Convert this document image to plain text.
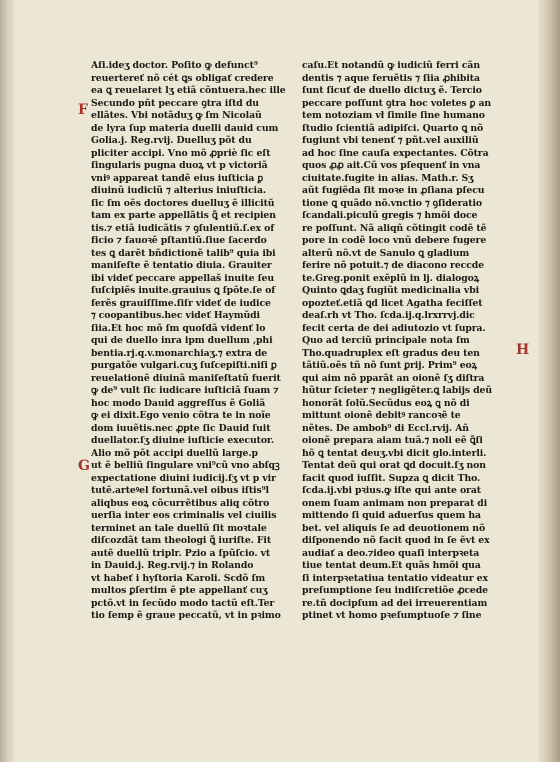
F
G
H
Aſi.ideʒ doctor. Poſito ꝙ defunct⁹
reuertereť nõ cét ꝗs obligať credere
ea ꝗ reuelaret lʒ etiã cõntuera.hec ille
Secundo pñt peccare ꝯtra iſtd du
ellãtes. Vbi notãduʒ ꝙ ſm Nicolaũ
de lyra ſup materia duelli dauid cum
Golia.j. Reg.rvij. Duelluʒ põt du
pliciter accipi. Vno mõ ꝓpriè ſic eſt
ſingularis pugna duoꝝ vt p victoriã
vniꝰ appareat tandẽ eius iuſticia ꝑ
diuinũ iudiciũ ⁊ alterius iniuſticia.
ſic ſm oẽs doctores duelluʒ ẽ illicitũ
tam ex parte appellãtis ꝗ̃ et recipien
tis.⁊ etiã iudicãtis ⁊ ꝯſulentiũ.ſ.ex of
ficio ⁊ fauoꝛẽ pſtantiũ.ſiue ſacerdo
tes ꝗ darẽt bñdictionẽ talib⁹ quia ibi
maniſeſte ẽ tentatio diuia. Grauiter
ibi videť peccare appellaš inuite ſeu
ſuſcipiẽs inuite.grauius ꝗ ſpõte.ſe of
ferẽs grauiſſime.ſiſr videť de iudice
⁊ coopantibus.hec videť Haymũdi
ſiia.Et hoc mõ ſm quoſdã videnť lo
qui de duello inra ipm duellum ,phi
bentia.rj.q.v.monarchiaʒ.⁊ extra de
purgatõe vulgari.cuʒ ſuſcepiſti.niſi ꝑ
reuelationẽ diuinã maniſeſtatũ fuerit
ꝙ de⁹ vult ſic iudicare iuſticiã ſuam ⁊
hoc modo Dauid aggreſſus ẽ Goliã
ꝙ ei dixit.Ego venio cõtra te in noĩe
dom iuuẽtis.nec ꝓpte ſic Dauid ſuit
duellator.ſʒ diuine iuſticie executor.
Alio mõ põt accipi duellũ large.p
ut ẽ belliũ ſingulare vni⁹cũ vno abſqꝫ
expectatione diuini iudicij.ſʒ vt p vir
tutẽ.arteꝰel fortunã.vel oibus iſtis⁹l
aliqbus eoꝝ cõcurrẽtibus aliq cõtro
uerſia inter eos criminalis vel ciuilis
terminet an tale duellũ ſit moꝛtale
diſcozdãt tam theologi ꝗ̃ iuriſte. Fit
autẽ duellũ triplr. Pzio a ſpũſcio. vt
in Dauid.j. Reg.rvij.⁊ in Rolando
vt habeť i hyſtoria Karoli. Scdõ ſm
multos ꝑſertim ẽ pte appellanť cuʒ
pctõ.vt in ſecũdo modo tactũ eſt.Ter
tio ſemp ẽ graue peccatũ, vt in pꝛimo
caſu.Et notandũ ꝙ iudiciũ ferri cãn
dentis ⁊ aque feruẽtis ⁊ ſiia ꝓhibita
ſunt ſicuť de duello dictuʒ ẽ. Tercio
peccare poſſunt ꝯtra hoc voletes ꝑ an
tem notoziam vł ſimile ſine humano
ſtudio ſcientiã adipiſci. Quarto ꝗ nõ
fugiunt vbi tenenť ⁊ pñt.vel auxiliũ
ad hoc ſine cauſa expectantes. Cõtra
quos ꝓꝓ ait.Cũ vos pſequenť in vna
ciuitate.fugite in alias. Math.r. Sʒ
aũt fugiẽda ſit moꝛe in ꝓſiana pſecu
tione ꝗ quãdo nõ.vnctio ⁊ ꝯſideratio
ſcandali.piculũ gregis ⁊ hmõi doce
re poſſunt. Nã aliqñ cõtingit codẽ tẽ
pore in codẽ loco vnũ debere fugere
alterũ nõ.vt de Sanulo ꝗ gladium
ferire nõ potuit.⁊ de diacono reccde
te.Greg.ponit exẽplũ in lj. dialogoꝝ
Quinto ꝗdaʒ fugiũt medicinalia vbi
opozteť.etiã ꝗd licet Agatha feciſſet
deaſ.rh vt Tho. ſcda.ij.q.lrxrrvj.dic
fecit certa de dei adiutozio vt ſupra.
Quo ad terciũ principale nota ſm
Tho.quadruplex eſt gradus deu ten
tãtiũ.oẽs tñ nõ ſunt ꝑrij. Prim⁹ eoꝝ
qui aim nõ pparãt an oionẽ ſʒ diſtra
hũtur ſcieter ⁊ negligẽter.ꝗ labijs deũ
honorãt ſolũ.Secũdus eoꝝ ꝗ nõ di
mittunt oionẽ debitꝰ rancoꝛẽ te
nẽtes. De ambob⁹ di Eccl.rvij. Añ
oionẽ prepara aiam tuã.⁊ noli eẽ ꝗ̃ſi
hõ ꝗ tentat deuʒ.vbi dicit glo.interli.
Tentat deũ qui orat ꝗd docuit.ſʒ non
facit quod iuſſit. Supza ꝗ dicit Tho.
ſcda.ij.vbi pꝛius.ꝙ iſte qui ante orat
onem ſuam animam non preparat di
mittendo ſi quid aduerſus quem ha
bet. vel aliquis ſe ad deuotionem nõ
diſponendo nõ facit quod in ſe ẽvt ex
audiať a deo.⁊ideo quaſi interpꝛeta
tiue tentat deum.Et quãs hmõi qua
ſi interpꝛetatiua tentatio videatur ex
preſumptione ſeu indiſcretiõe ꝓcede
re.tñ docipſum ad dei irreuerentiam
ptinet vt homo pꝛeſumptuoſe ⁊ ſine
